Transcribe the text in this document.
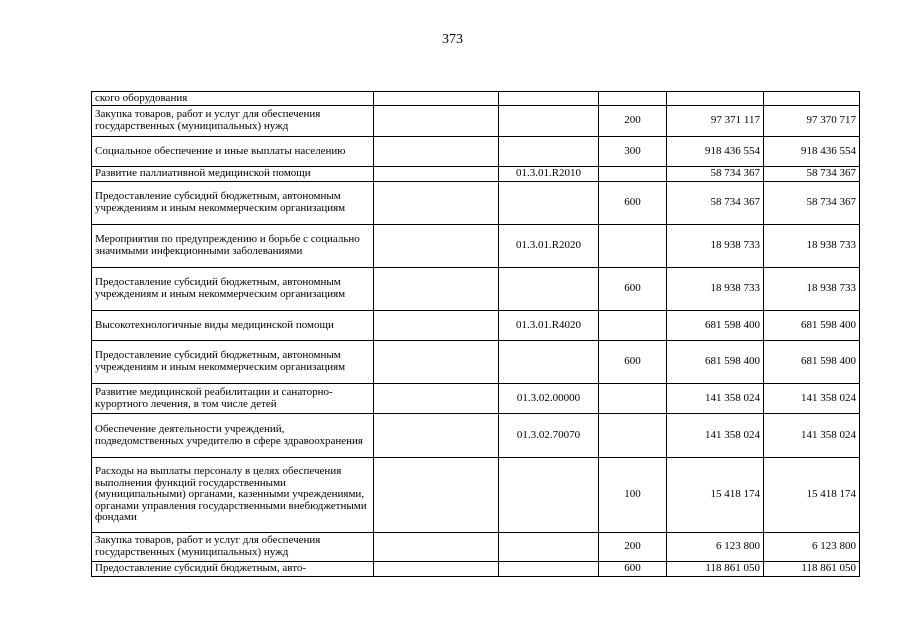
373
ского оборудования					
Закупка товаров, работ и услуг для обеспечения государственных (муниципальных) нужд			200	97 371 117	97 370 717
Социальное обеспечение и иные выплаты населению			300	918 436 554	918 436 554
Развитие паллиативной медицинской помощи		01.3.01.R2010		58 734 367	58 734 367
Предоставление субсидий бюджетным, автономным учреждениям и иным некоммерческим организациям			600	58 734 367	58 734 367
Мероприятия по предупреждению и борьбе с социально значимыми инфекционными заболеваниями		01.3.01.R2020		18 938 733	18 938 733
Предоставление субсидий бюджетным, автономным учреждениям и иным некоммерческим организациям			600	18 938 733	18 938 733
Высокотехнологичные виды медицинской помощи		01.3.01.R4020		681 598 400	681 598 400
Предоставление субсидий бюджетным, автономным учреждениям и иным некоммерческим организациям			600	681 598 400	681 598 400
Развитие медицинской реабилитации и санаторно-курортного лечения, в том числе детей		01.3.02.00000		141 358 024	141 358 024
Обеспечение деятельности учреждений, подведомственных учредителю в сфере здравоохранения		01.3.02.70070		141 358 024	141 358 024
Расходы на выплаты персоналу в целях обеспечения выполнения функций государственными (муниципальными) органами, казенными учреждениями, органами управления государственными внебюджетными фондами			100	15 418 174	15 418 174
Закупка товаров, работ и услуг для обеспечения государственных (муниципальных) нужд			200	6 123 800	6 123 800
Предоставление субсидий бюджетным, авто-			600	118 861 050	118 861 050
